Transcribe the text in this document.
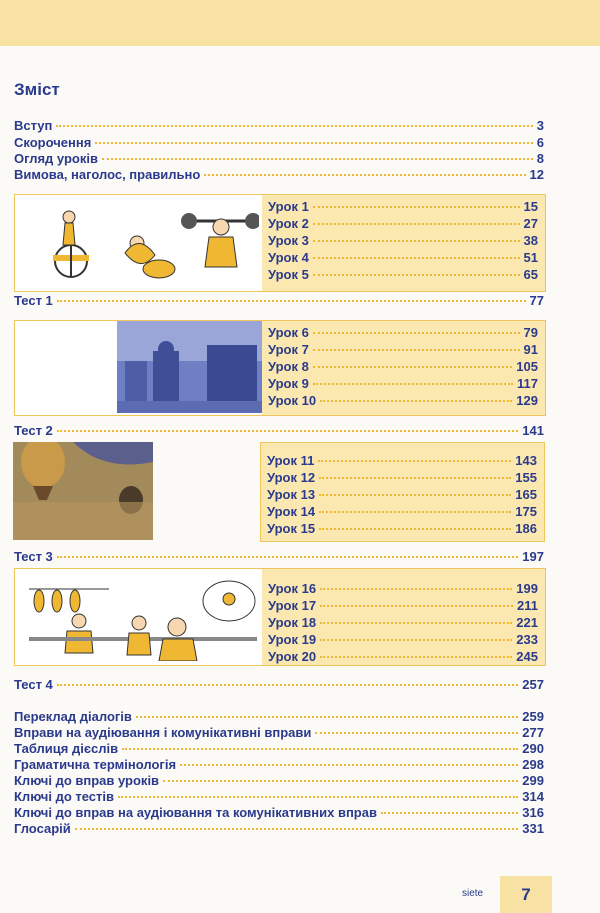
Зміст
Вступ	3
Скорочення	6
Огляд уроків	8
Вимова, наголос, правильно	12
Урок 1	15
Урок 2	27
Урок 3	38
Урок 4	51
Урок 5	65
Тест 1	77
Урок 6	79
Урок 7	91
Урок 8	105
Урок 9	117
Урок 10	129
Тест 2	141
Урок 11	143
Урок 12	155
Урок 13	165
Урок 14	175
Урок 15	186
Тест 3	197
Урок 16	199
Урок 17	211
Урок 18	221
Урок 19	233
Урок 20	245
Тест 4	257
Переклад діалогів	259
Вправи на аудіювання і комунікативні вправи	277
Таблиця дієслів	290
Граматична термінологія	298
Ключі до вправ уроків	299
Ключі до тестів	314
Ключі до вправ на аудіювання та комунікативних вправ	316
Глосарій	331
siete	7
